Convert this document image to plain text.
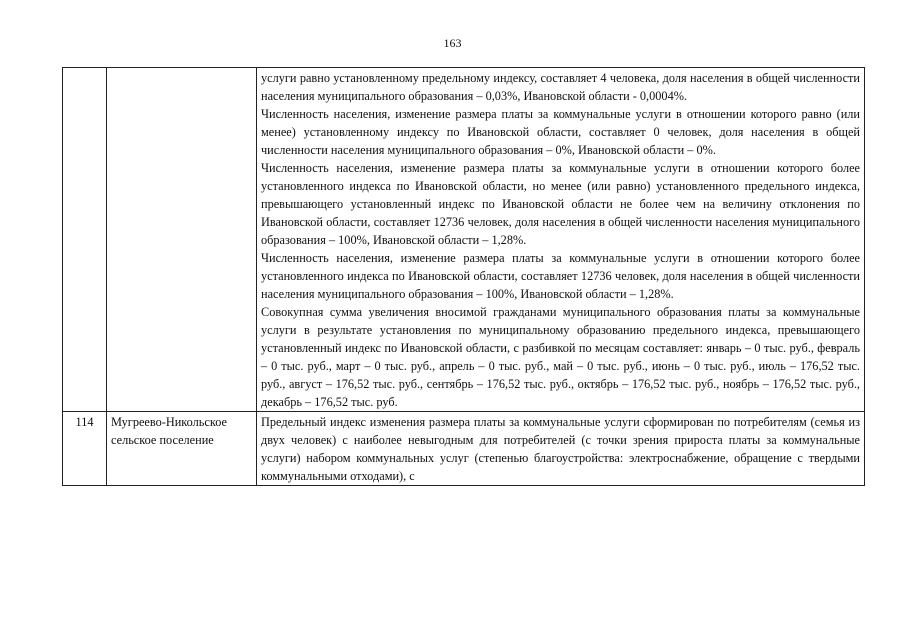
163

		услуги равно установленному предельному индексу, составляет 4 человека, доля населения в общей численности населения муниципального образования – 0,03%, Ивановской области - 0,0004%.

Численность населения, изменение размера платы за коммунальные услуги в отношении которого равно (или менее) установленному индексу по Ивановской области, составляет 0 человек, доля населения в общей численности населения муниципального образования – 0%, Ивановской области – 0%.

Численность населения, изменение размера платы за коммунальные услуги в отношении которого более установленного индекса по Ивановской области, но менее (или равно) установленного предельного индекса, превышающего установленный индекс по Ивановской области не более чем на величину отклонения по Ивановской области, составляет 12736 человек, доля населения в общей численности населения муниципального образования – 100%, Ивановской области – 1,28%.

Численность населения, изменение размера платы за коммунальные услуги в отношении которого более установленного индекса по Ивановской области, составляет 12736 человек, доля населения в общей численности населения муниципального образования – 100%, Ивановской области – 1,28%.

Совокупная сумма увеличения вносимой гражданами муниципального образования платы за коммунальные услуги в результате установления по муниципальному образованию предельного индекса, превышающего установленный индекс по Ивановской области, с разбивкой по месяцам составляет: январь – 0 тыс. руб., февраль – 0 тыс. руб., март – 0 тыс. руб., апрель – 0 тыс. руб., май – 0 тыс. руб., июнь – 0 тыс. руб., июль – 176,52 тыс. руб., август – 176,52 тыс. руб., сентябрь – 176,52 тыс. руб., октябрь – 176,52 тыс. руб., ноябрь – 176,52 тыс. руб., декабрь – 176,52 тыс. руб.

114	Мугреево-Никольское сельское поселение	Предельный индекс изменения размера платы за коммунальные услуги сформирован по потребителям (семья из двух человек) с наиболее невыгодным для потребителей (с точки зрения прироста платы за коммунальные услуги) набором коммунальных услуг (степенью благоустройства: электроснабжение, обращение с твердыми коммунальными отходами), с
